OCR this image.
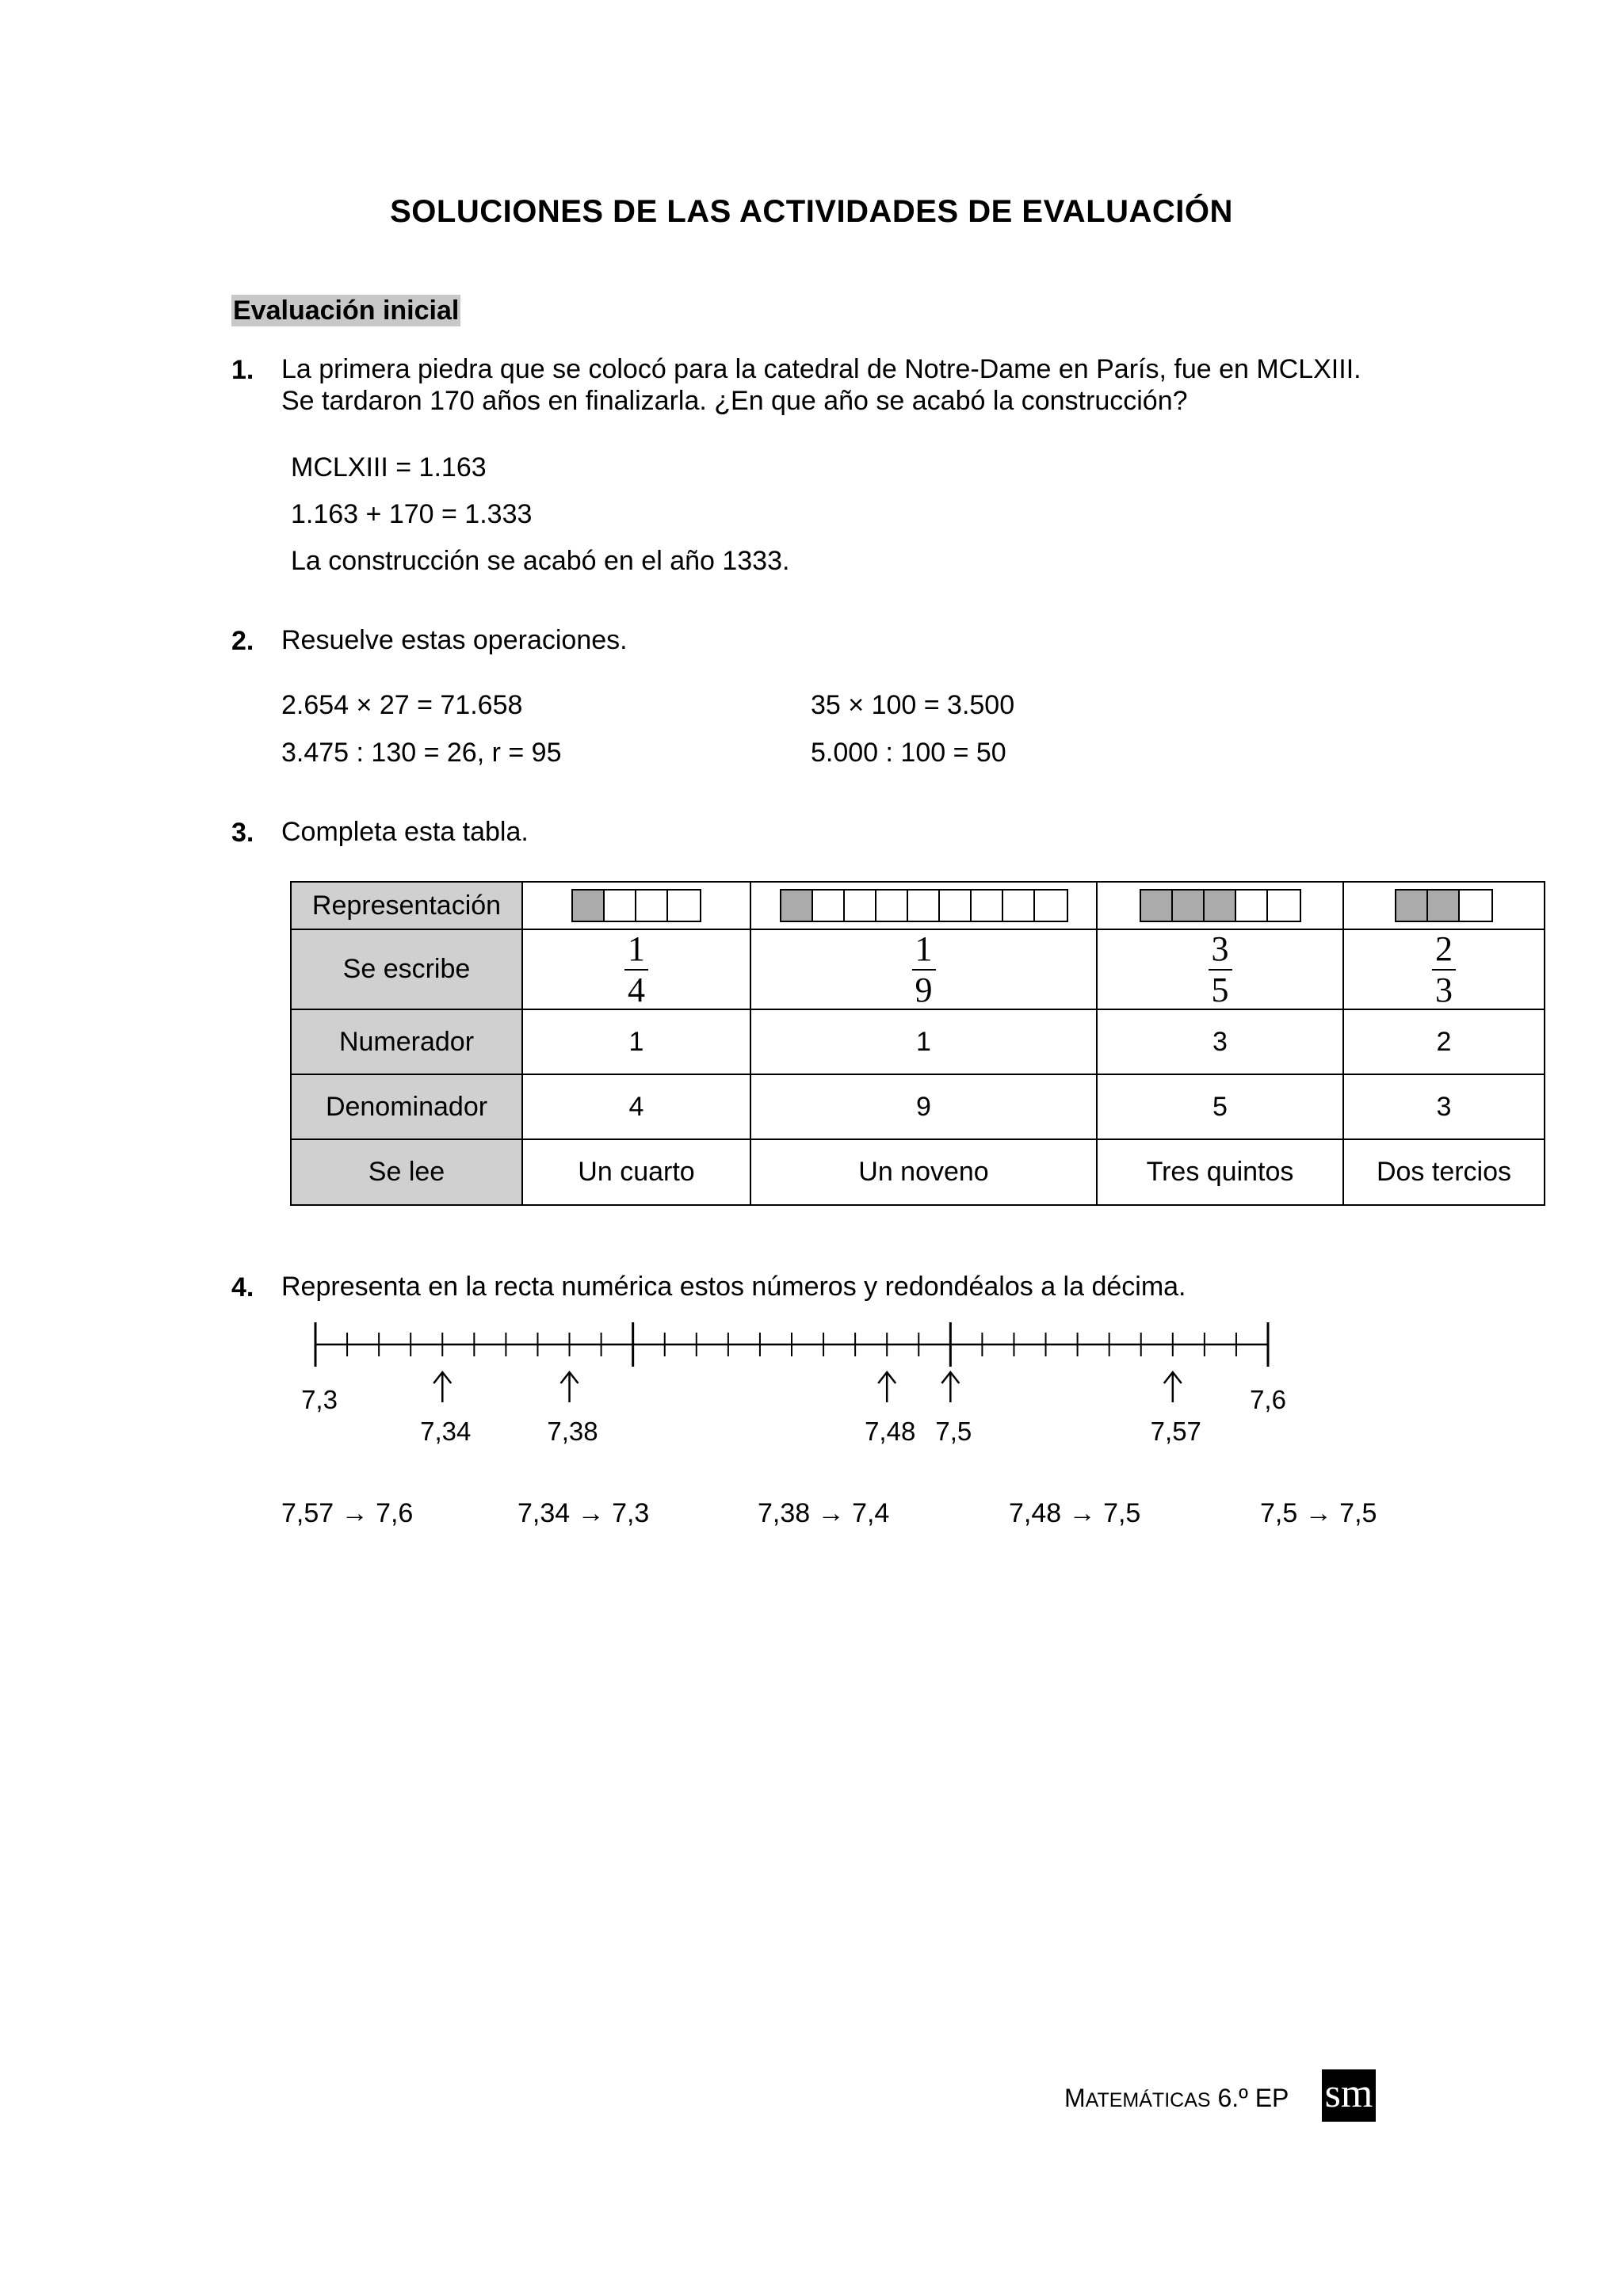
SOLUCIONES DE LAS ACTIVIDADES DE EVALUACIÓN
Evaluación inicial
1. La primera piedra que se colocó para la catedral de Notre-Dame en París, fue en MCLXIII.
Se tardaron 170 años en finalizarla. ¿En que año se acabó la construcción?
MCLXIII = 1.163
1.163 + 170 = 1.333
La construcción se acabó en el año 1333.
2. Resuelve estas operaciones.
2.654 × 27 = 71.658	35 × 100 = 3.500
3.475 : 130 = 26, r = 95	5.000 : 100 = 50
3. Completa esta tabla.
Representación	

Se escribe	$\frac{1}{4}$	$\frac{1}{9}$	$\frac{3}{5}$	$\frac{2}{3}$

Numerador	1	1	3	2
Denominador	4	9	5	3
Se lee	Un cuarto	Un noveno	Tres quintos	Dos tercios
4. Representa en la recta numérica estos números y redondéalos a la décima.
7,34	7,38	7,48 7,5	7,57
7,3	7,6
7,57 → 7,6	7,34 → 7,3	7,38 → 7,4	7,48 → 7,5	7,5 → 7,5
MATEMÁTICAS 6.º EP sm
